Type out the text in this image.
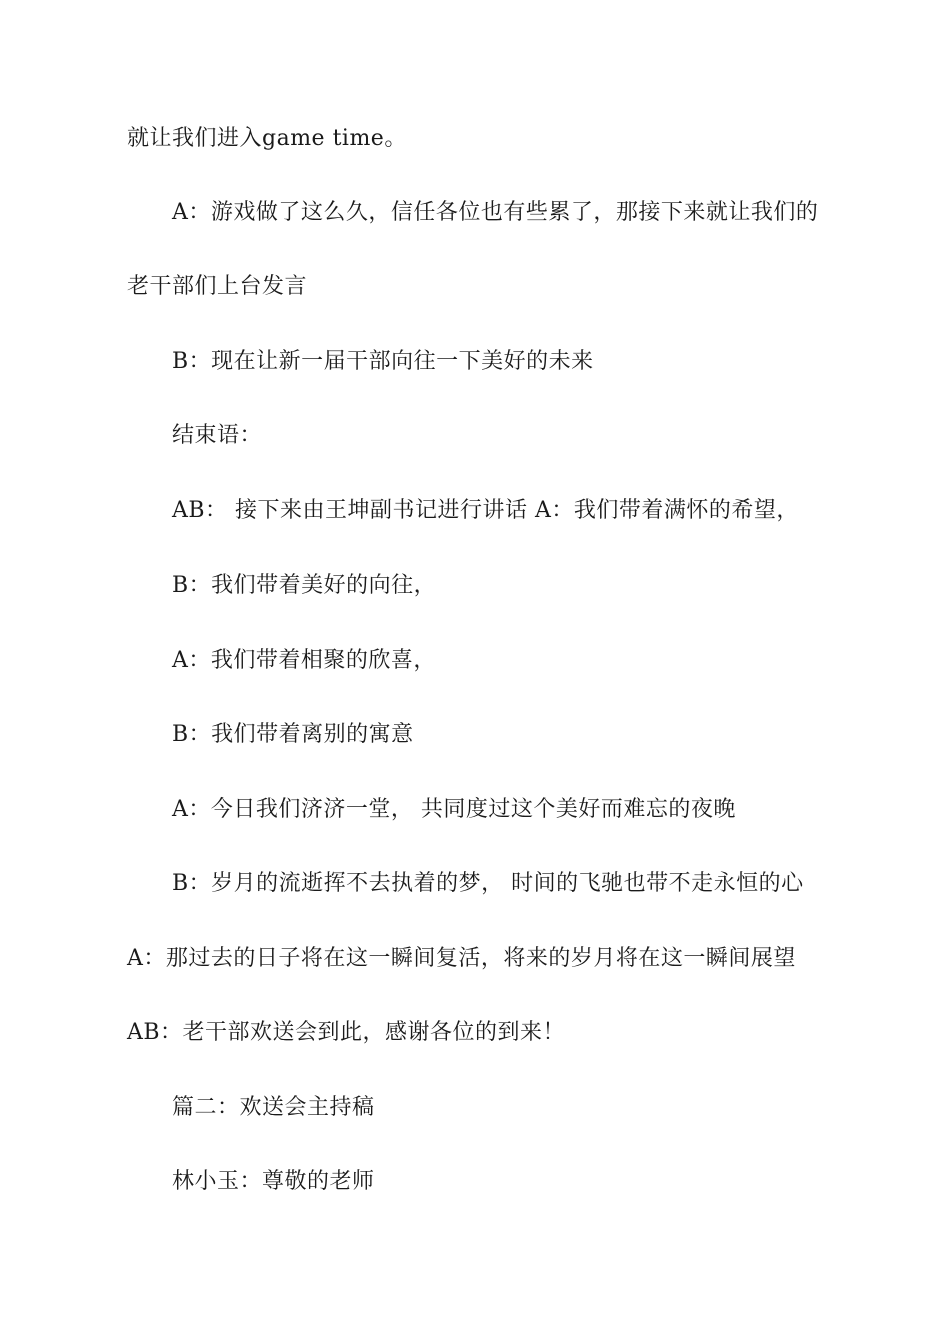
就让我们进入game time。
A：游戏做了这么久，信任各位也有些累了，那接下来就让我们的
老干部们上台发言
B：现在让新一届干部向往一下美好的未来
结束语：
AB： 接下来由王坤副书记进行讲话 A：我们带着满怀的希望，
B：我们带着美好的向往，
A：我们带着相聚的欣喜，
B：我们带着离别的寓意
A：今日我们济济一堂， 共同度过这个美好而难忘的夜晚
B：岁月的流逝挥不去执着的梦， 时间的飞驰也带不走永恒的心
A：那过去的日子将在这一瞬间复活，将来的岁月将在这一瞬间展望
AB：老干部欢送会到此，感谢各位的到来！
篇二：欢送会主持稿
林小玉：尊敬的老师
